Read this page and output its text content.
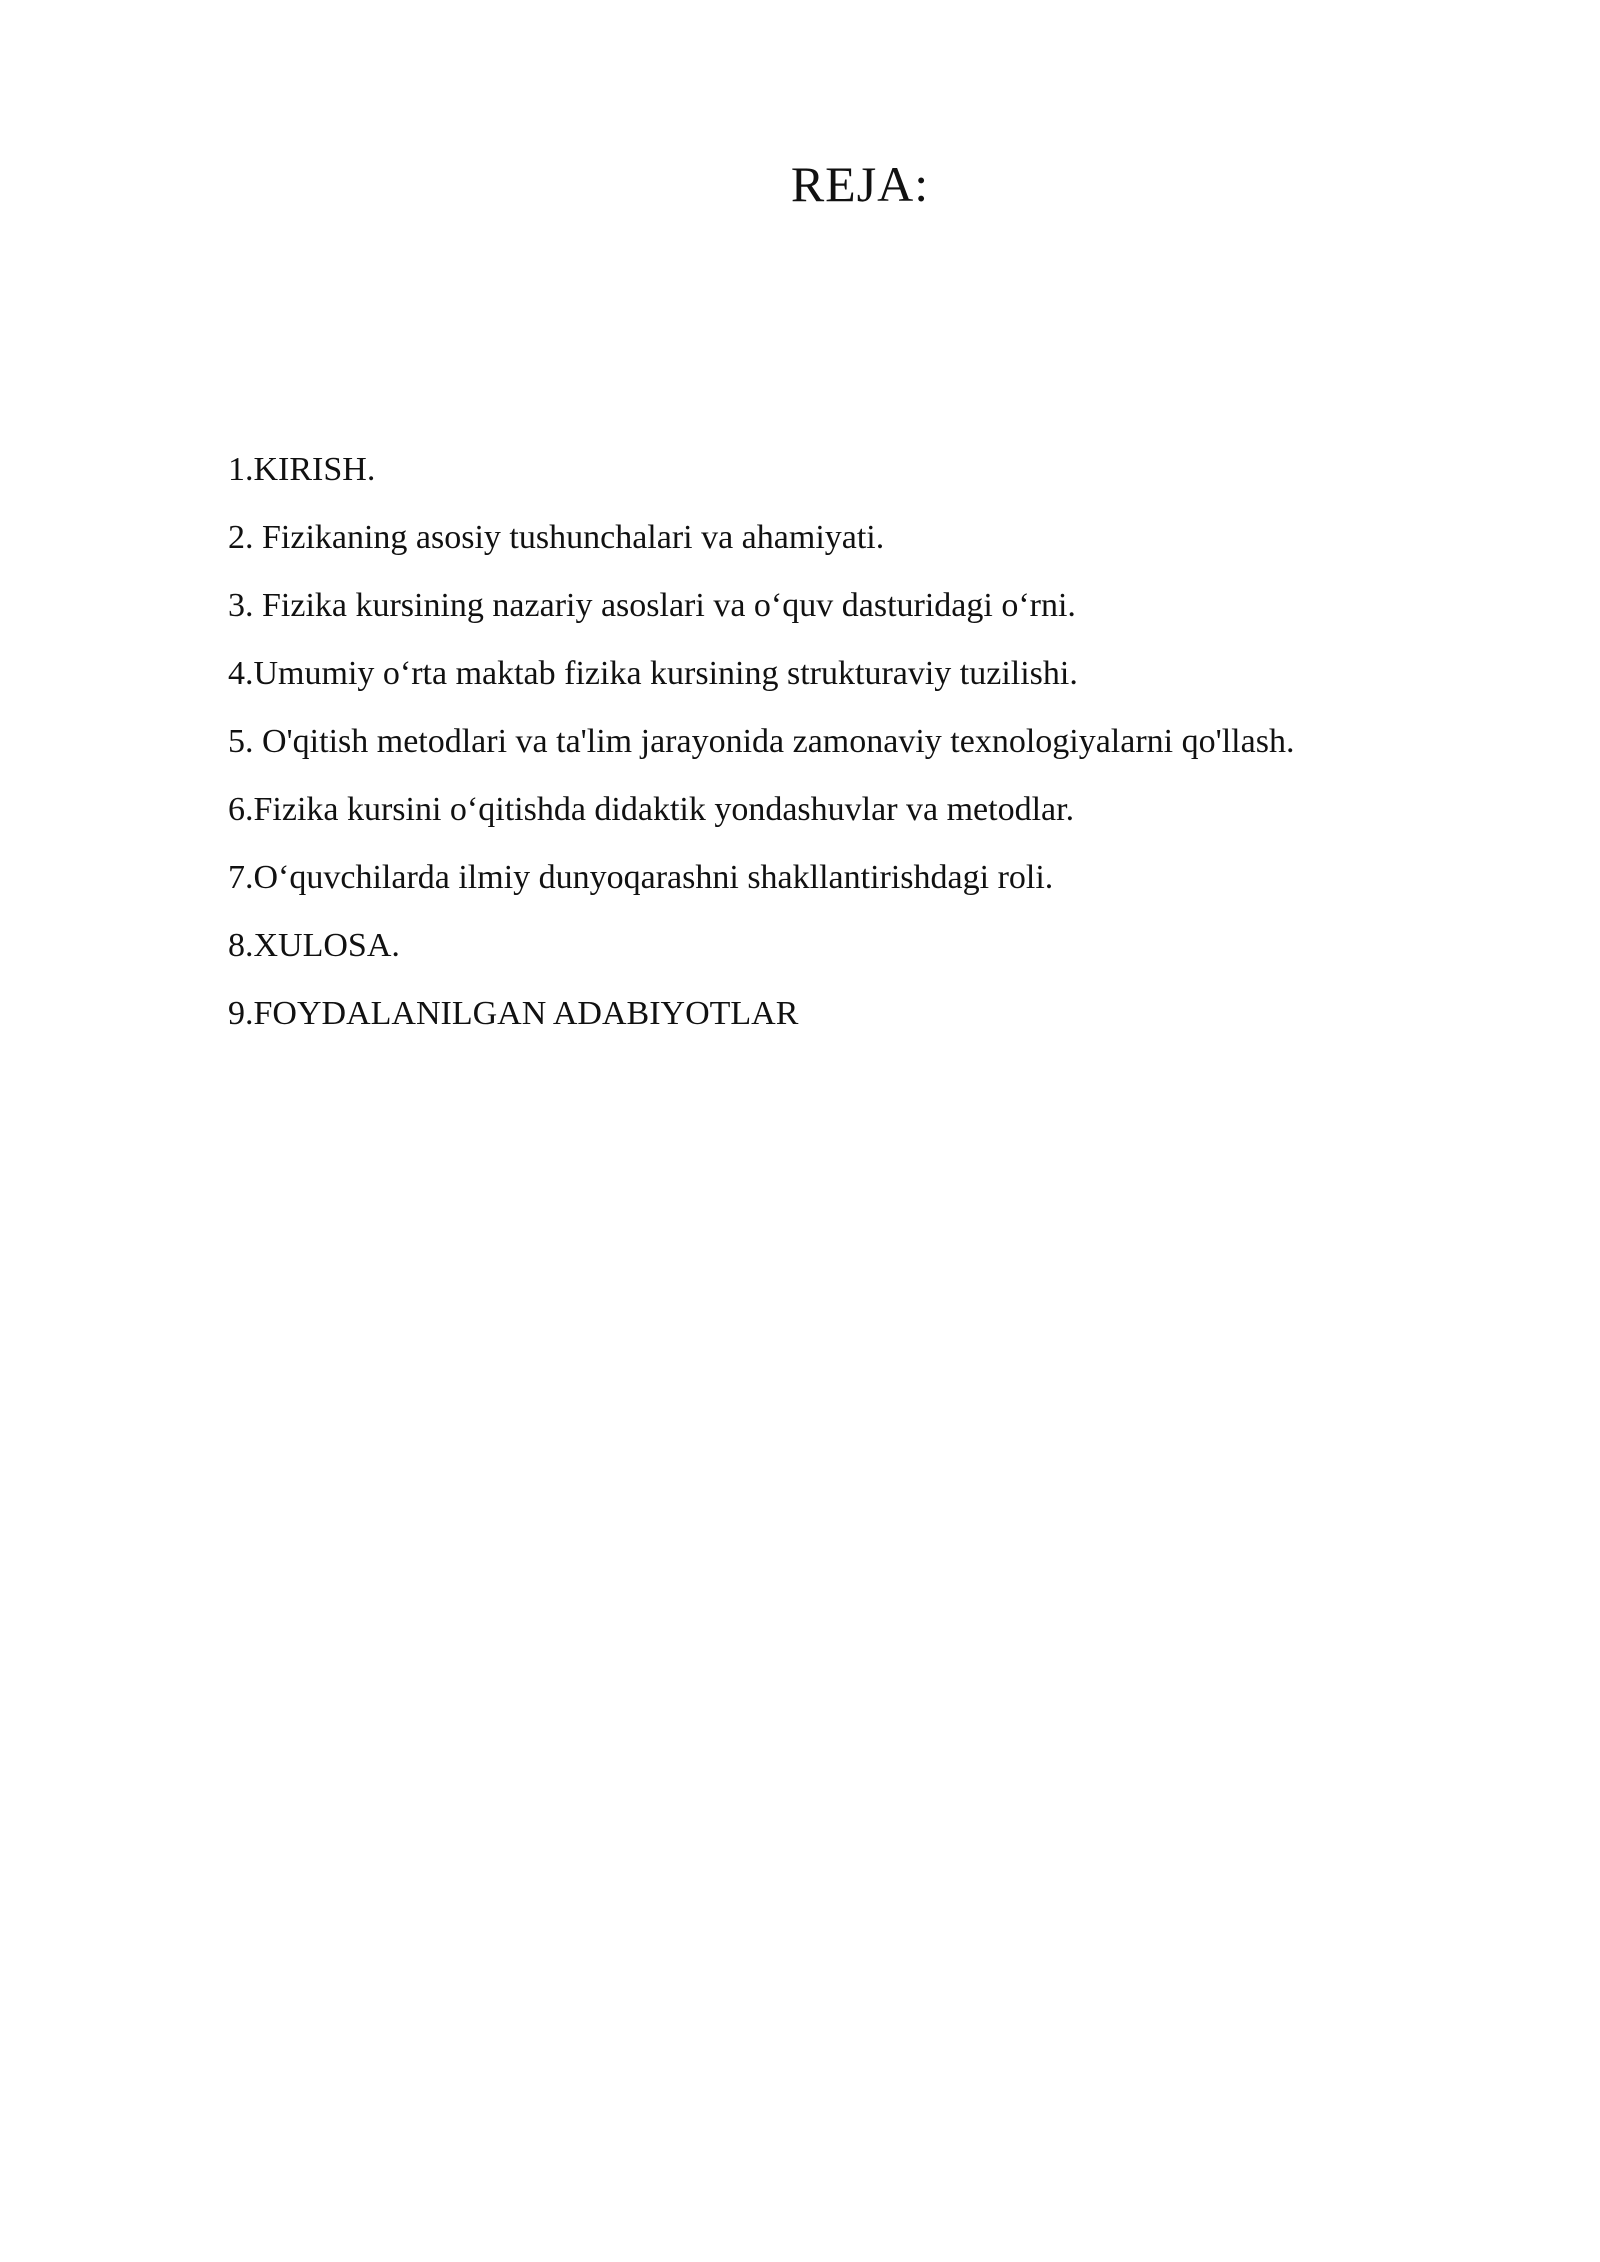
REJA:
1.KIRISH.
2. Fizikaning asosiy tushunchalari va ahamiyati.
3. Fizika kursining nazariy asoslari va o‘quv dasturidagi o‘rni.
4.Umumiy o‘rta maktab fizika kursining strukturaviy tuzilishi.
5. O'qitish metodlari va ta'lim jarayonida zamonaviy texnologiyalarni qo'llash.
6.Fizika kursini o‘qitishda didaktik yondashuvlar va metodlar.
7.O‘quvchilarda ilmiy dunyoqarashni shakllantirishdagi roli.
8.XULOSA.
9.FOYDALANILGAN ADABIYOTLAR
